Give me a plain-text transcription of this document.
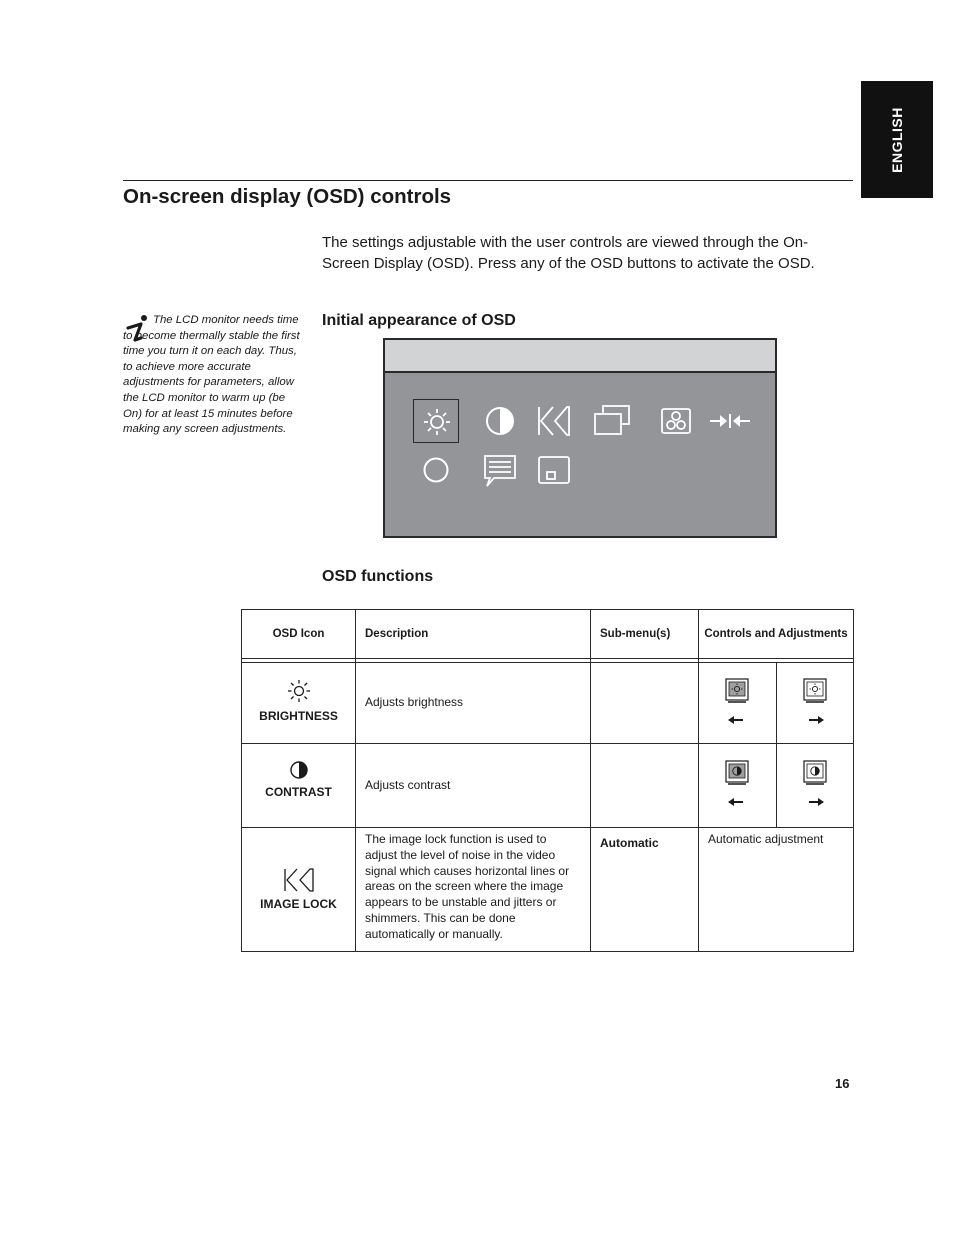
ENGLISH
On-screen display (OSD) controls

The settings adjustable with the user controls are viewed through the On-Screen Display (OSD). Press any of the OSD buttons to activate the OSD.

The LCD monitor needs time to become thermally stable the first time you turn it on each day. Thus, to achieve more accurate adjustments for parameters, allow the LCD monitor to warm up (be On) for at least 15 minutes before making any screen adjustments.

Initial appearance of OSD
OSD functions
OSD Icon	Description	Sub-menu(s)	Controls and Adjustments

BRIGHTNESS	Adjusts brightness		

CONTRAST	Adjusts contrast		

IMAGE LOCK	The image lock function is used to adjust the level of noise in the video signal which causes horizontal lines or areas on the screen where the image appears to be unstable and jitters or shimmers. This can be done automatically or manually.	Automatic	Automatic adjustment
16
